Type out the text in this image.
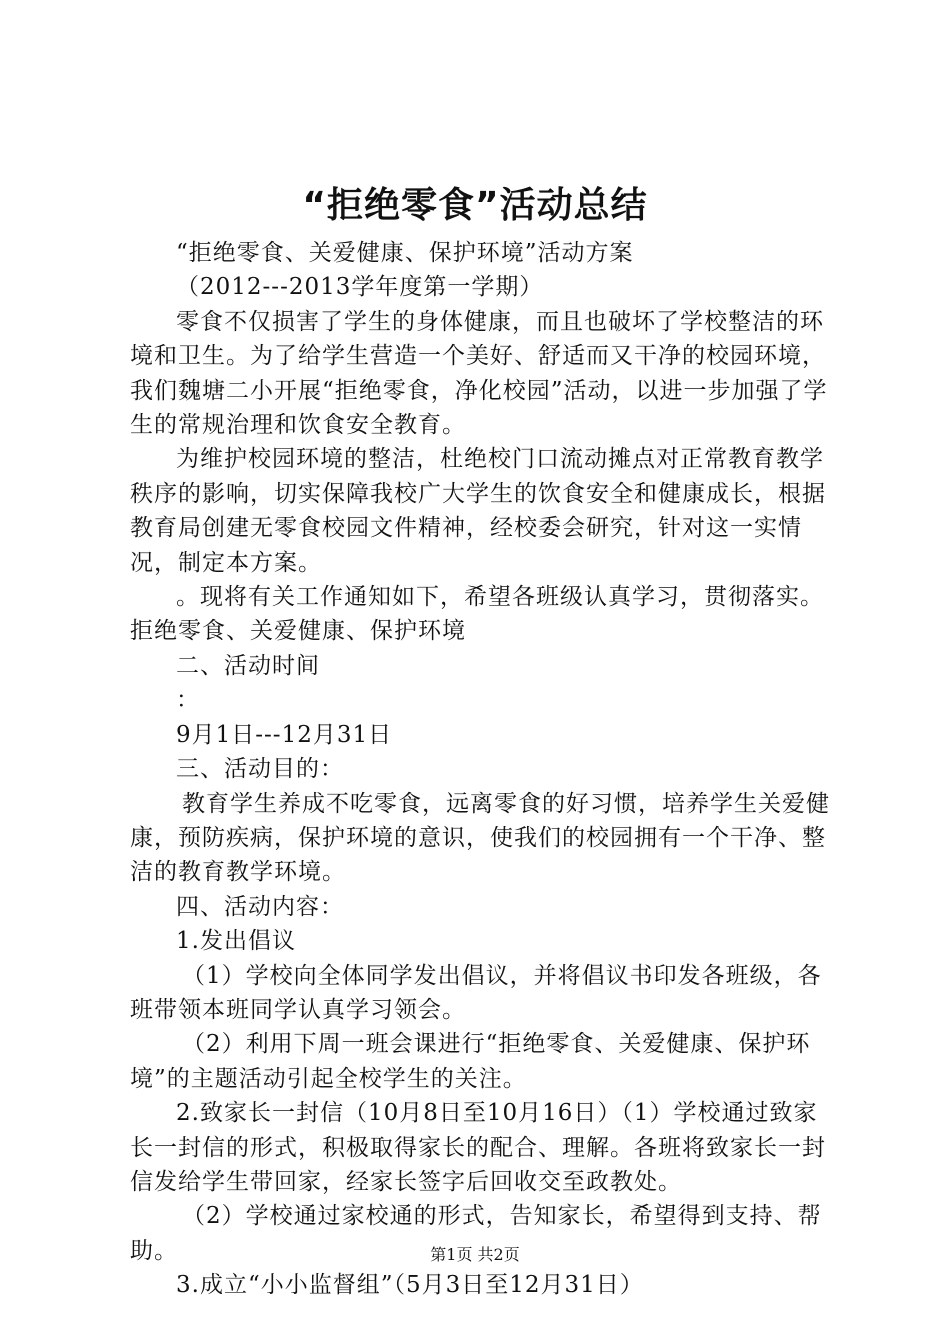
“拒绝零食”活动总结

“拒绝零食、关爱健康、保护环境”活动方案

（2012---2013学年度第一学期）

零食不仅损害了学生的身体健康，而且也破坏了学校整洁的环境和卫生。为了给学生营造一个美好、舒适而又干净的校园环境，我们魏塘二小开展“拒绝零食，净化校园”活动，以进一步加强了学生的常规治理和饮食安全教育。

为维护校园环境的整洁，杜绝校门口流动摊点对正常教育教学秩序的影响，切实保障我校广大学生的饮食安全和健康成长，根据教育局创建无零食校园文件精神，经校委会研究，针对这一实情况，制定本方案。

。现将有关工作通知如下，希望各班级认真学习，贯彻落实。拒绝零食、关爱健康、保护环境

二、活动时间

：

9月1日---12月31日

三、活动目的：

教育学生养成不吃零食，远离零食的好习惯，培养学生关爱健康，预防疾病，保护环境的意识，使我们的校园拥有一个干净、整洁的教育教学环境。

四、活动内容：

1.发出倡议

（1）学校向全体同学发出倡议，并将倡议书印发各班级，各班带领本班同学认真学习领会。

（2）利用下周一班会课进行“拒绝零食、关爱健康、保护环境”的主题活动引起全校学生的关注。

2.致家长一封信（10月8日至10月16日）（1）学校通过致家长一封信的形式，积极取得家长的配合、理解。各班将致家长一封信发给学生带回家，经家长签字后回收交至政教处。

（2）学校通过家校通的形式，告知家长，希望得到支持、帮助。

3.成立“小小监督组”（5月3日至12月31日）

第1页 共2页
